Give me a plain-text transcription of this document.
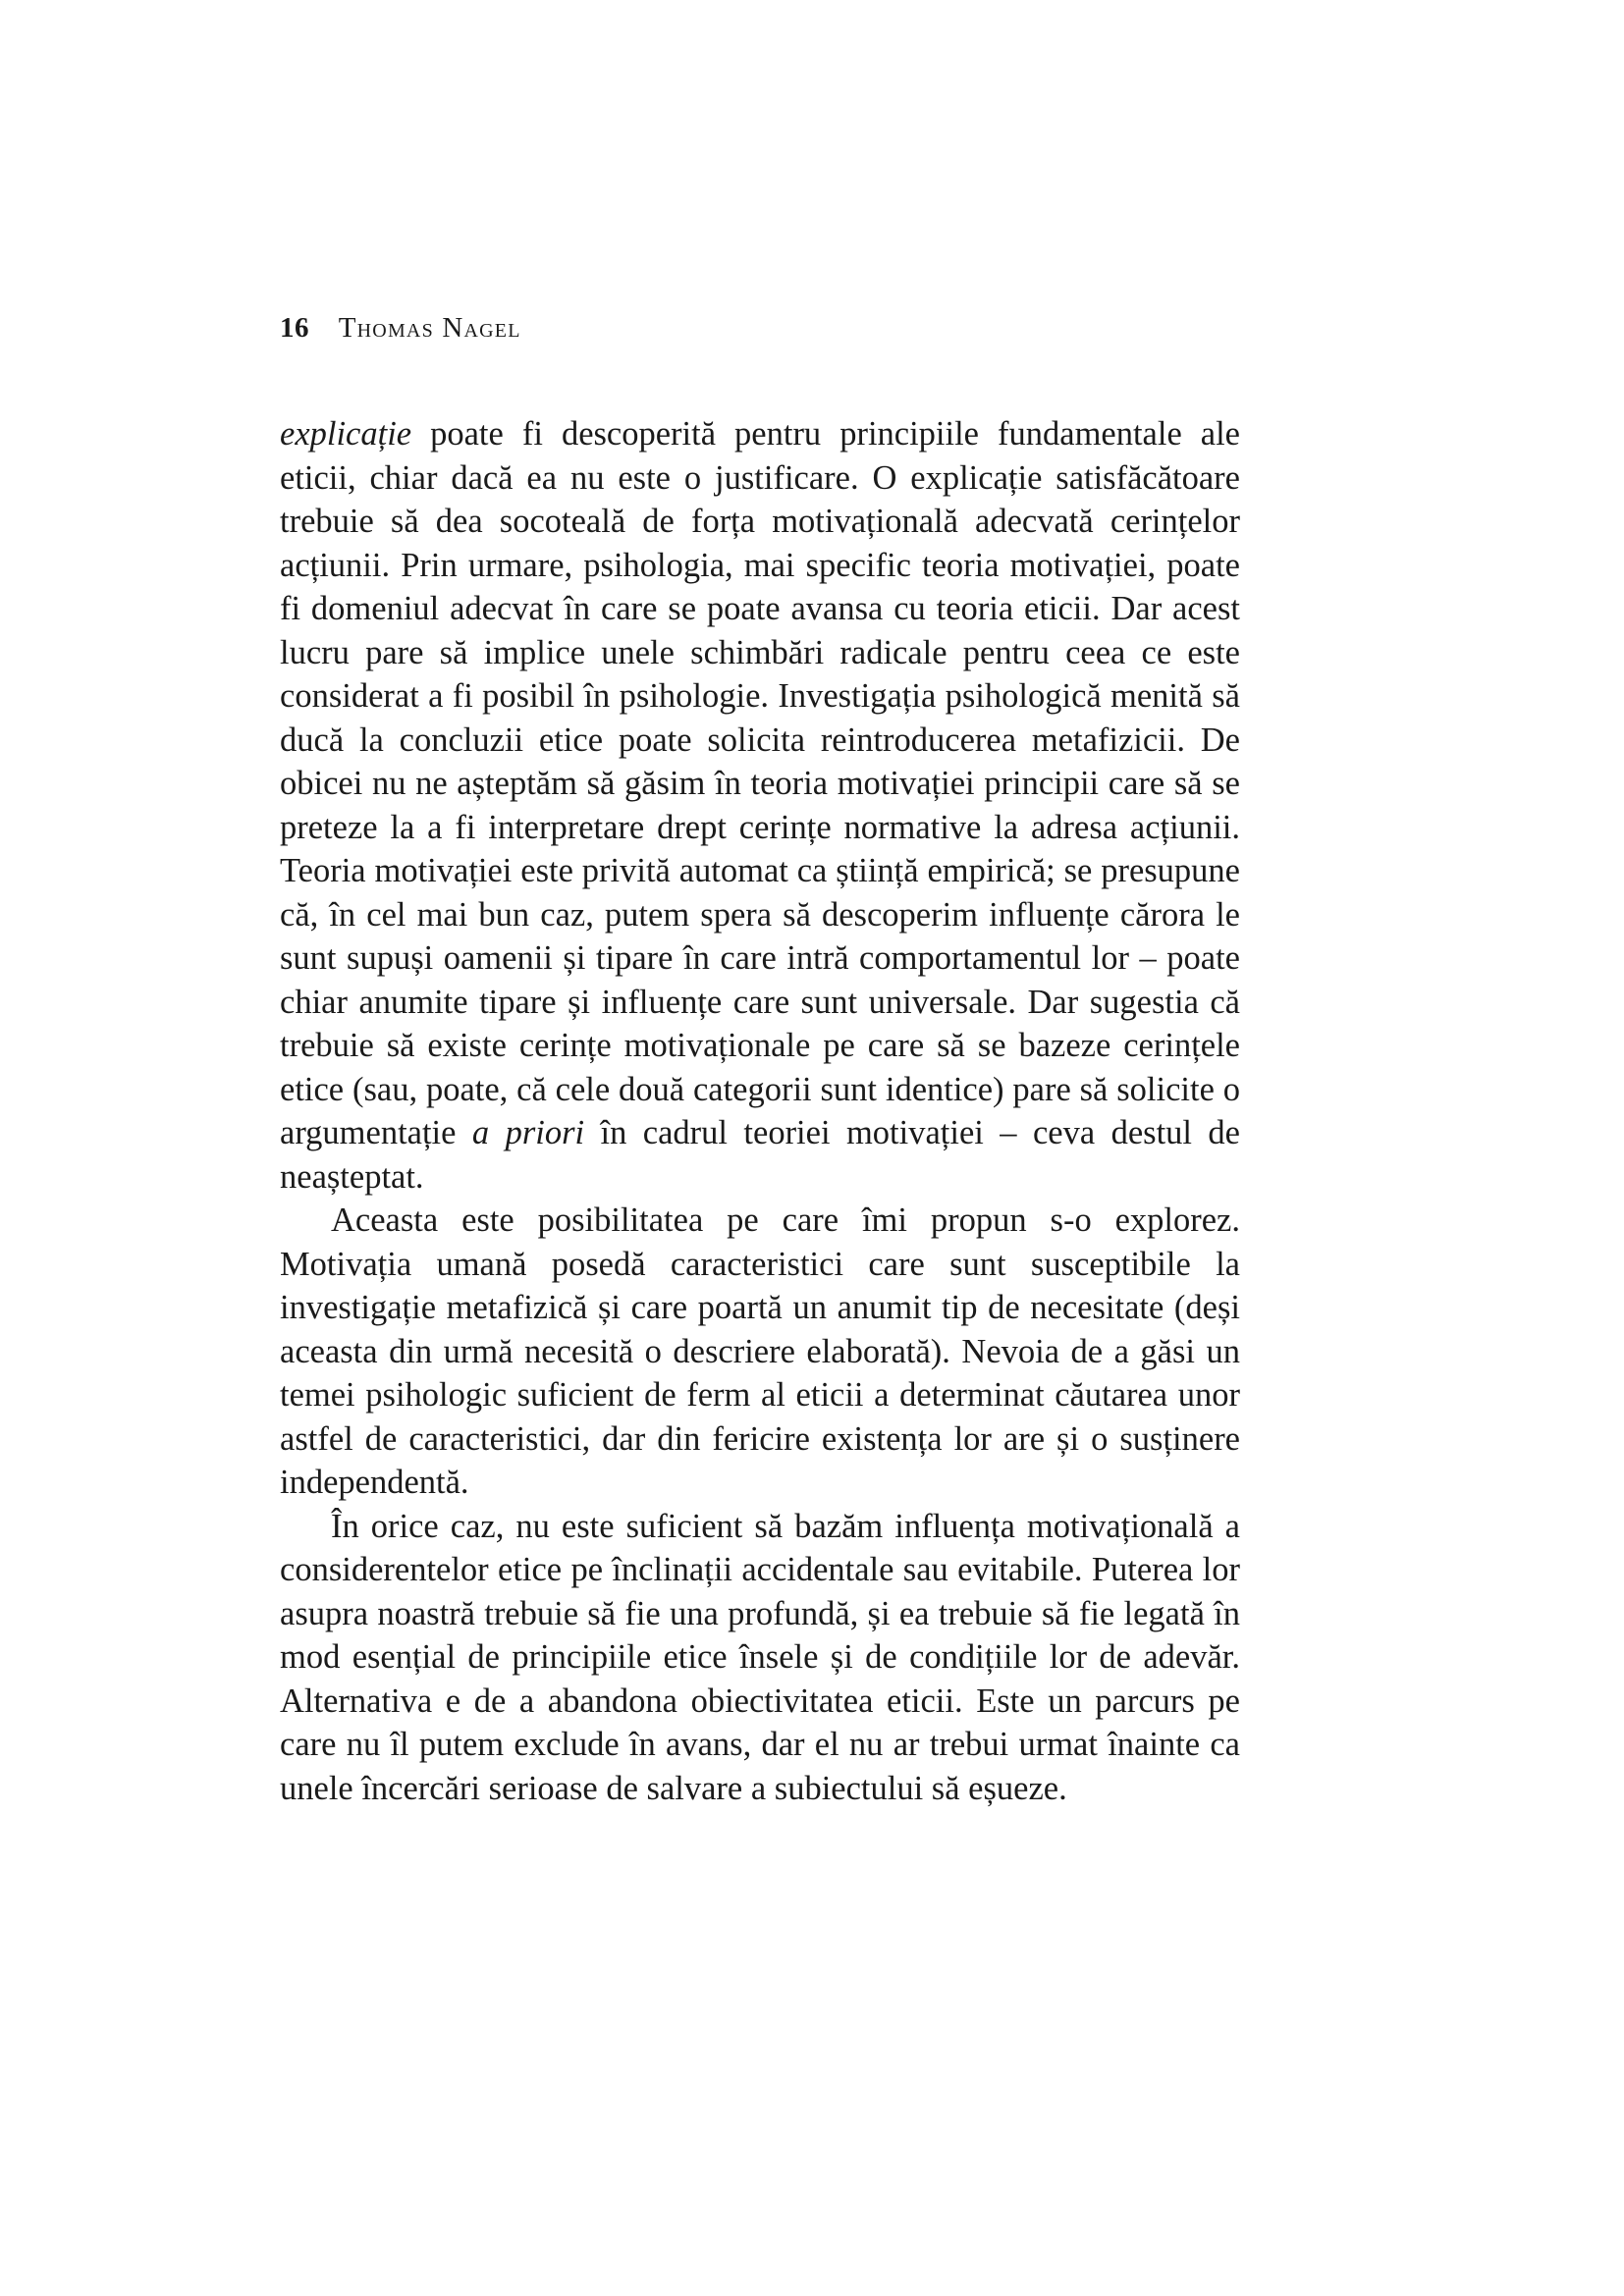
16 Thomas Nagel

explicație poate fi descoperită pentru principiile fundamentale ale eticii, chiar dacă ea nu este o justificare. O explicație satisfăcătoare trebuie să dea socoteală de forța motivațională adecvată cerințelor acțiunii. Prin urmare, psihologia, mai specific teoria motivației, poate fi domeniul adecvat în care se poate avansa cu teoria eticii. Dar acest lucru pare să implice unele schimbări radicale pentru ceea ce este considerat a fi posibil în psihologie. Investigația psihologică menită să ducă la concluzii etice poate solicita reintroducerea metafizicii. De obicei nu ne așteptăm să găsim în teoria motivației principii care să se preteze la a fi interpretare drept cerințe normative la adresa acțiunii. Teoria motivației este privită automat ca știință empirică; se presupune că, în cel mai bun caz, putem spera să descoperim influențe cărora le sunt supuși oamenii și tipare în care intră comportamentul lor – poate chiar anumite tipare și influențe care sunt universale. Dar sugestia că trebuie să existe cerințe motivaționale pe care să se bazeze cerințele etice (sau, poate, că cele două categorii sunt identice) pare să solicite o argumentație a priori în cadrul teoriei motivației – ceva destul de neașteptat.

Aceasta este posibilitatea pe care îmi propun s-o explorez. Motivația umană posedă caracteristici care sunt susceptibile la investigație metafizică și care poartă un anumit tip de necesitate (deși aceasta din urmă necesită o descriere elaborată). Nevoia de a găsi un temei psihologic suficient de ferm al eticii a determinat căutarea unor astfel de caracteristici, dar din fericire existența lor are și o susținere independentă.

În orice caz, nu este suficient să bazăm influența motivațională a considerentelor etice pe înclinații accidentale sau evitabile. Puterea lor asupra noastră trebuie să fie una profundă, și ea trebuie să fie legată în mod esențial de principiile etice însele și de condițiile lor de adevăr. Alternativa e de a abandona obiectivitatea eticii. Este un parcurs pe care nu îl putem exclude în avans, dar el nu ar trebui urmat înainte ca unele încercări serioase de salvare a subiectului să eșueze.
